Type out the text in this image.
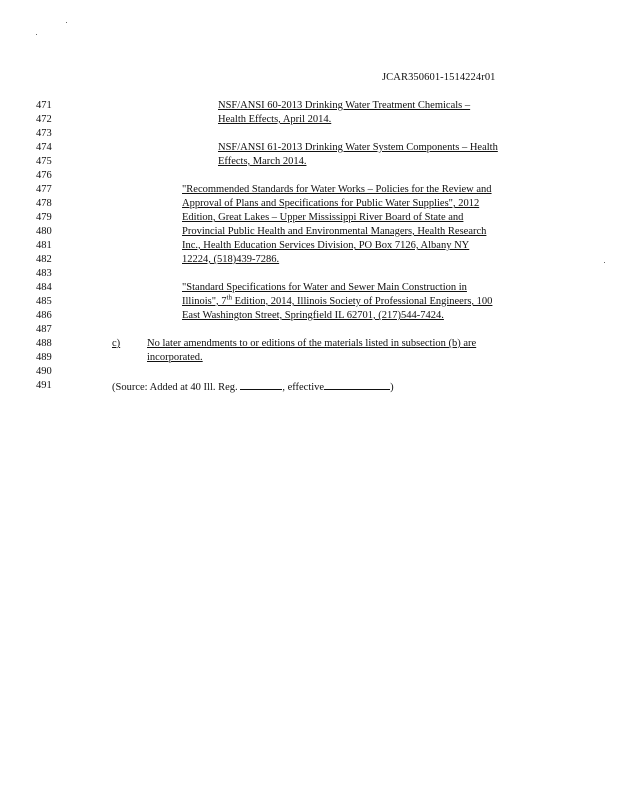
JCAR350601-1514224r01
471
472
473
474
475
476
477
478
479
480
481
482
483
484
485
486
487
488
489
490
491
NSF/ANSI 60-2013 Drinking Water Treatment Chemicals –
Health Effects, April 2014.
NSF/ANSI 61-2013 Drinking Water System Components – Health
Effects, March 2014.
"Recommended Standards for Water Works – Policies for the Review and
Approval of Plans and Specifications for Public Water Supplies", 2012
Edition, Great Lakes – Upper Mississippi River Board of State and
Provincial Public Health and Environmental Managers, Health Research
Inc., Health Education Services Division, PO Box 7126, Albany NY
12224, (518)439-7286.
"Standard Specifications for Water and Sewer Main Construction in
Illinois", 7th Edition, 2014, Illinois Society of Professional Engineers, 100
East Washington Street, Springfield IL 62701, (217)544-7424.
c)	No later amendments to or editions of the materials listed in subsection (b) are
incorporated.
(Source: Added at 40 Ill. Reg.	, effective	)
